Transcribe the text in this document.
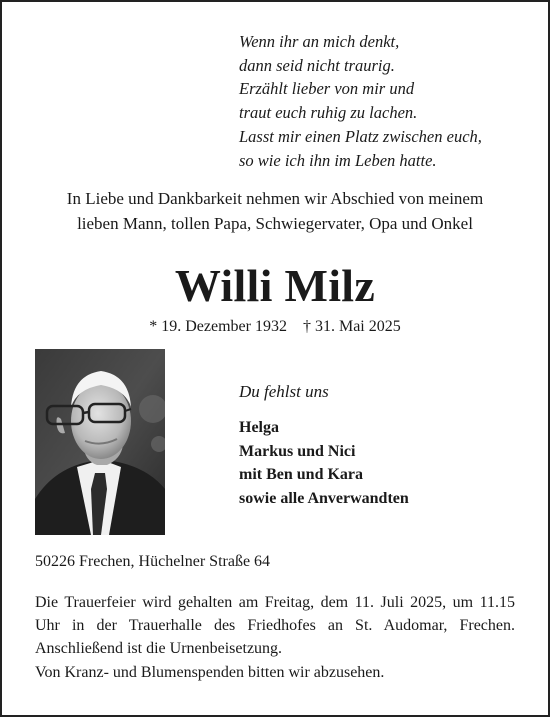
Wenn ihr an mich denkt,
dann seid nicht traurig.
Erzählt lieber von mir und
traut euch ruhig zu lachen.
Lasst mir einen Platz zwischen euch,
so wie ich ihn im Leben hatte.
In Liebe und Dankbarkeit nehmen wir Abschied von meinem
lieben Mann, tollen Papa, Schwiegervater, Opa und Onkel
Willi Milz
* 19. Dezember 1932 † 31. Mai 2025
Du fehlst uns
Helga
Markus und Nici
mit Ben und Kara
sowie alle Anverwandten
50226 Frechen, Hüchelner Straße 64
Die Trauerfeier wird gehalten am Freitag, dem 11. Juli 2025, um 11.15 Uhr in der Trauerhalle des Friedhofes an St. Audomar, Frechen. Anschließend ist die Urnenbeisetzung.
Von Kranz- und Blumenspenden bitten wir abzusehen.
